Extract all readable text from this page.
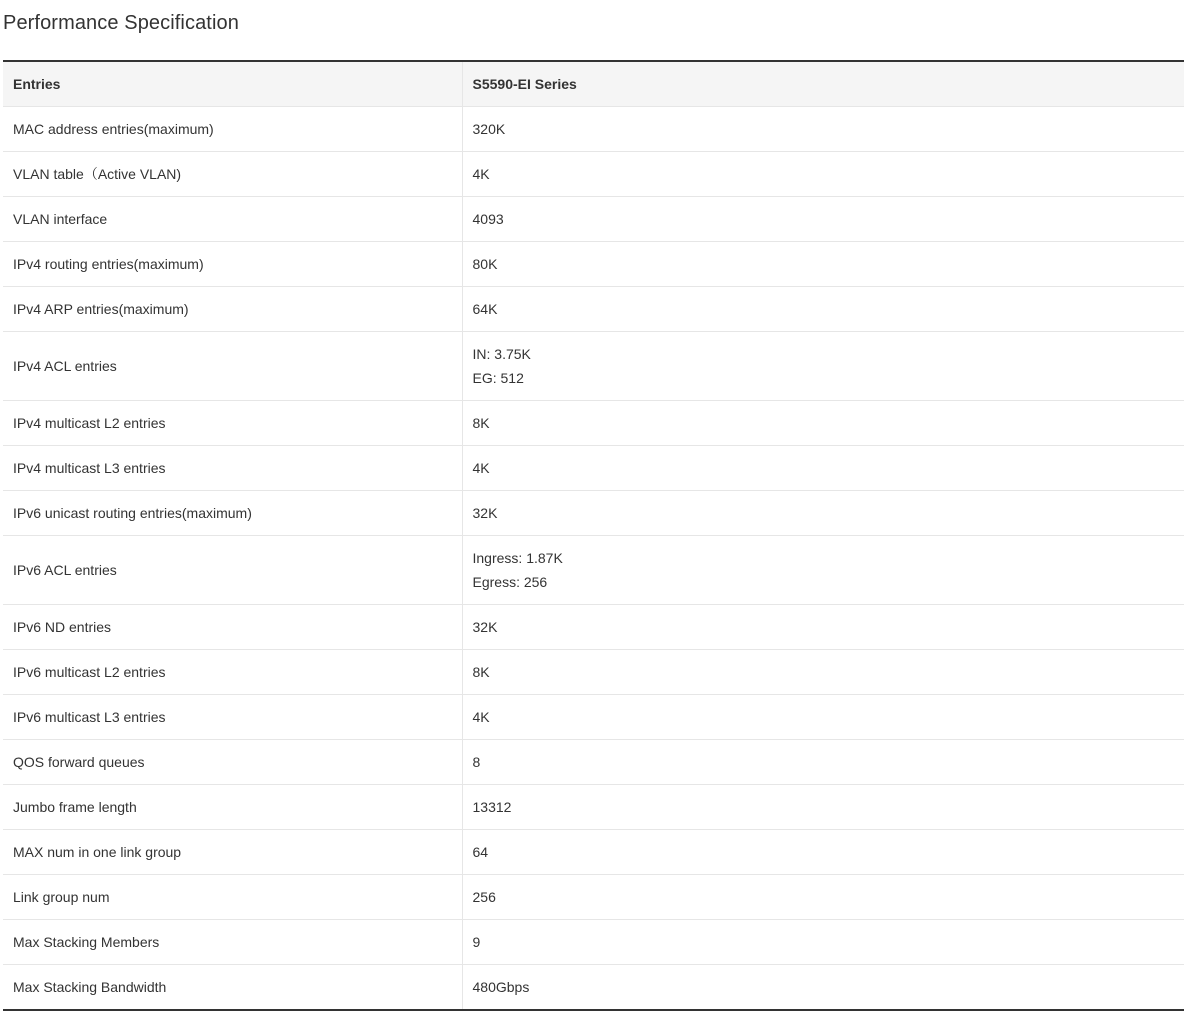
Performance Specification
Entries	S5590-EI Series
MAC address entries(maximum)	320K

VLAN table（Active VLAN)	4K

VLAN interface	4093

IPv4 routing entries(maximum)	80K

IPv4 ARP entries(maximum)	64K

IPv4 ACL entries	IN: 3.75K
EG: 512

IPv4 multicast L2 entries	8K

IPv4 multicast L3 entries	4K

IPv6 unicast routing entries(maximum)	32K

IPv6 ACL entries	Ingress: 1.87K
Egress: 256

IPv6 ND entries	32K

IPv6 multicast L2 entries	8K

IPv6 multicast L3 entries	4K

QOS forward queues	8

Jumbo frame length	13312

MAX num in one link group	64

Link group num	256

Max Stacking Members	9

Max Stacking Bandwidth	480Gbps
